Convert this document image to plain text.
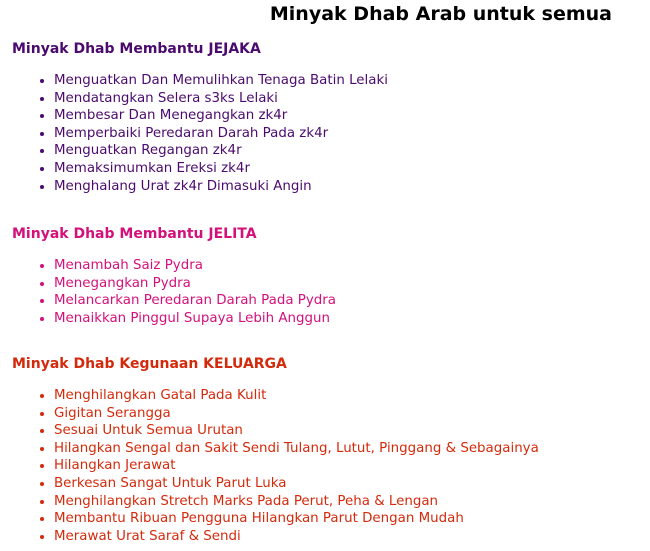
Minyak Dhab Arab untuk semua
Minyak Dhab Membantu JEJAKA
• Menguatkan Dan Memulihkan Tenaga Batin Lelaki
• Mendatangkan Selera s3ks Lelaki
• Membesar Dan Menegangkan zk4r
• Memperbaiki Peredaran Darah Pada zk4r
• Menguatkan Regangan zk4r
• Memaksimumkan Ereksi zk4r
• Menghalang Urat zk4r Dimasuki Angin
Minyak Dhab Membantu JELITA
• Menambah Saiz Pydra
• Menegangkan Pydra
• Melancarkan Peredaran Darah Pada Pydra
• Menaikkan Pinggul Supaya Lebih Anggun
Minyak Dhab Kegunaan KELUARGA
• Menghilangkan Gatal Pada Kulit
• Gigitan Serangga
• Sesuai Untuk Semua Urutan
• Hilangkan Sengal dan Sakit Sendi Tulang, Lutut, Pinggang & Sebagainya
• Hilangkan Jerawat
• Berkesan Sangat Untuk Parut Luka
• Menghilangkan Stretch Marks Pada Perut, Peha & Lengan
• Membantu Ribuan Pengguna Hilangkan Parut Dengan Mudah
• Merawat Urat Saraf & Sendi
